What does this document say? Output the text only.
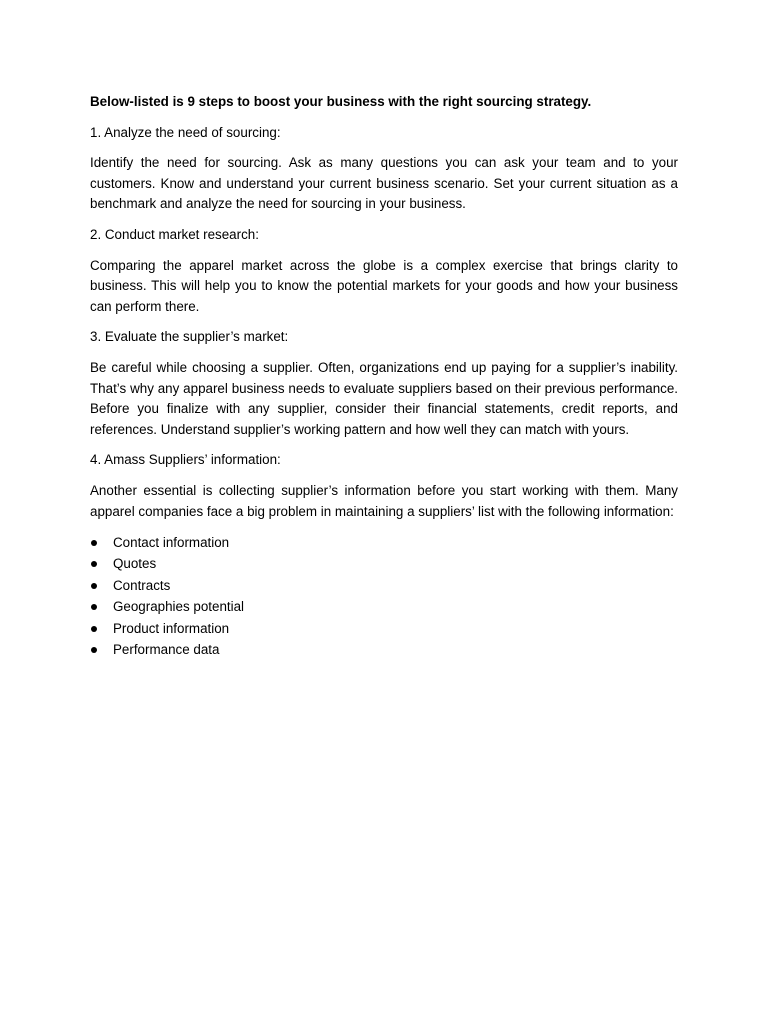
Below-listed is 9 steps to boost your business with the right sourcing strategy.

1. Analyze the need of sourcing:

Identify the need for sourcing. Ask as many questions you can ask your team and to your customers. Know and understand your current business scenario. Set your current situation as a benchmark and analyze the need for sourcing in your business.

2. Conduct market research:

Comparing the apparel market across the globe is a complex exercise that brings clarity to business. This will help you to know the potential markets for your goods and how your business can perform there.

3. Evaluate the supplier’s market:

Be careful while choosing a supplier. Often, organizations end up paying for a supplier’s inability. That’s why any apparel business needs to evaluate suppliers based on their previous performance. Before you finalize with any supplier, consider their financial statements, credit reports, and references. Understand supplier’s working pattern and how well they can match with yours.

4. Amass Suppliers’ information:

Another essential is collecting supplier’s information before you start working with them. Many apparel companies face a big problem in maintaining a suppliers’ list with the following information:

Contact information
Quotes
Contracts
Geographies potential
Product information
Performance data
